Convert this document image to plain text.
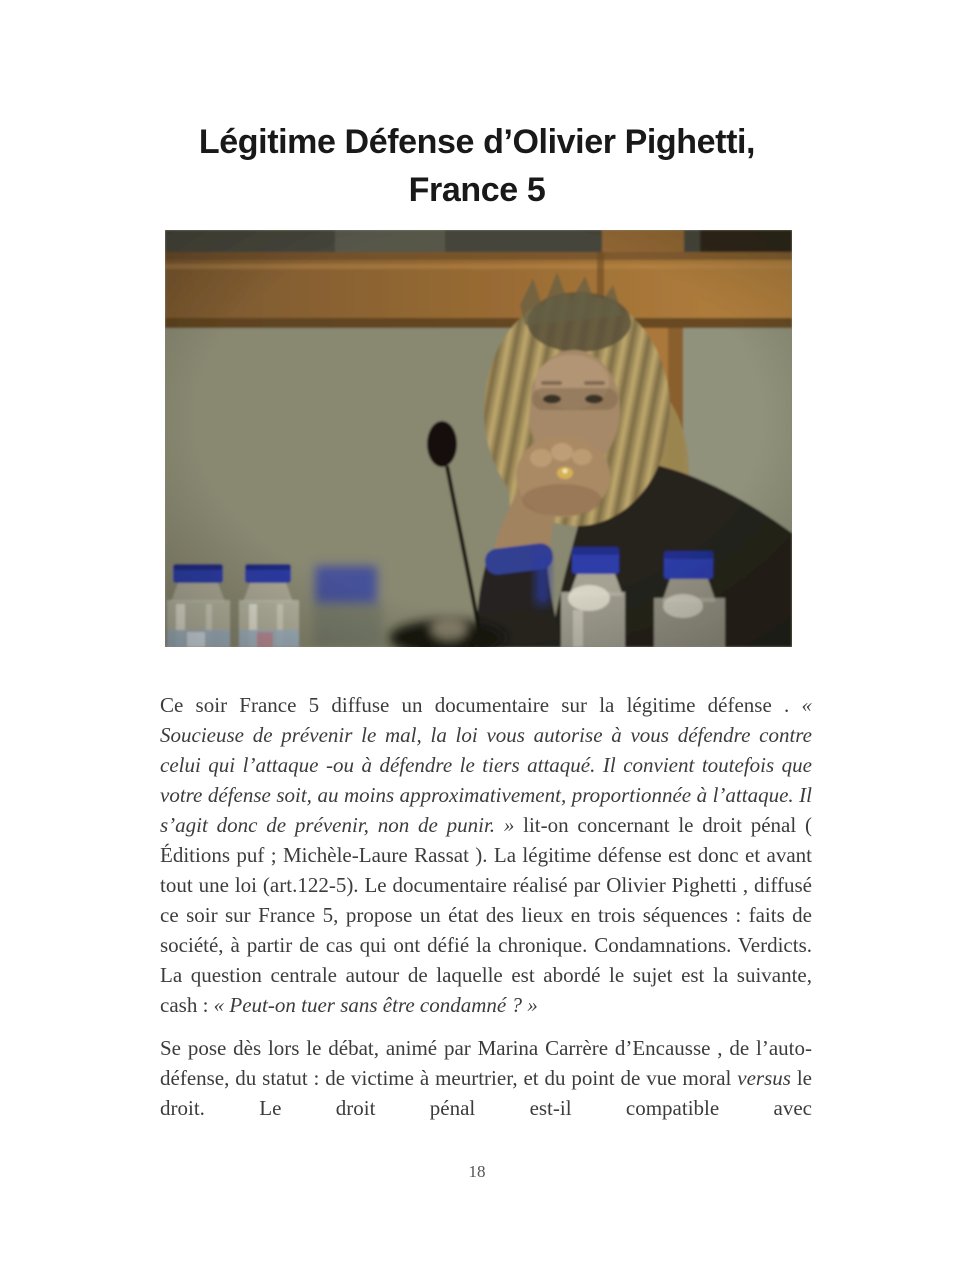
Légitime Défense d’Olivier Pighetti,
France 5

Ce soir France 5 diffuse un documentaire sur la légitime défense . « Soucieuse de prévenir le mal, la loi vous autorise à vous défendre contre celui qui l’attaque -ou à défendre le tiers attaqué. Il convient toutefois que votre défense soit, au moins approximativement, proportionnée à l’attaque. Il s’agit donc de prévenir, non de punir. » lit-on concernant le droit pénal ( Éditions puf ; Michèle-Laure Rassat ). La légitime défense est donc et avant tout une loi (art.122-5). Le documentaire réalisé par Olivier Pighetti , diffusé ce soir sur France 5, propose un état des lieux en trois séquences : faits de société, à partir de cas qui ont défié la chronique. Condamnations. Verdicts. La question centrale autour de laquelle est abordé le sujet est la suivante, cash : « Peut-on tuer sans être condamné ? »

Se pose dès lors le débat, animé par Marina Carrère d’Encausse , de l’auto-défense, du statut : de victime à meurtrier, et du point de vue moral versus le droit. Le droit pénal est-il compatible avec

18
